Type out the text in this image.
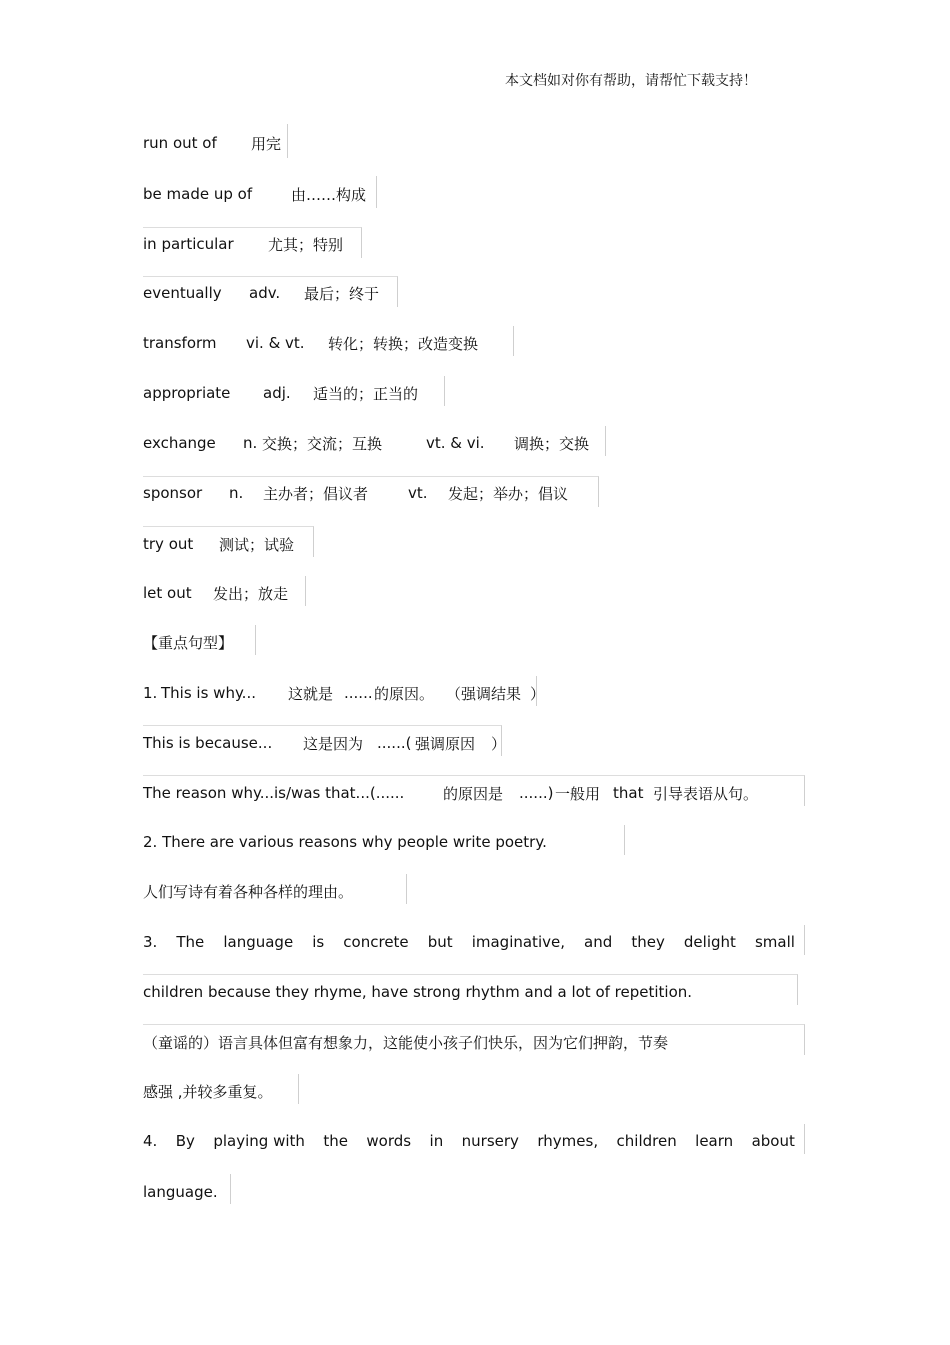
本文档如对你有帮助，请帮忙下载支持！
run out of	用完
be made up of	由……构成
in particular	尤其；特别
eventually	adv.	最后；终于
transform	vi. & vt.	转化；转换；改造变换
appropriate	adj.	适当的；正当的
exchange	n. 交换；交流；互换	vt. & vi.	调换；交换
sponsor	n.	主办者；倡议者	vt.	发起；举办；倡议
try out	测试；试验
let out	发出；放走
【重点句型】
1. This is why...	这就是 ...... 的原因。 （强调结果 ）
This is because...	这是因为 ......( 强调原因	）
The reason why...is/was that...(......	的原因是	......) 一般用 that 引导表语从句。
2. There are various reasons why people write poetry.
人们写诗有着各种各样的理由。
3. The language is concrete but imaginative, and they delight small
children because they rhyme, have strong rhythm and a lot of repetition.
（童谣的）语言具体但富有想象力，这能使小孩子们快乐，因为它们押韵，节奏
感强 ,并较多重复。
4. By playing with the words in nursery rhymes, children learn about
language.
